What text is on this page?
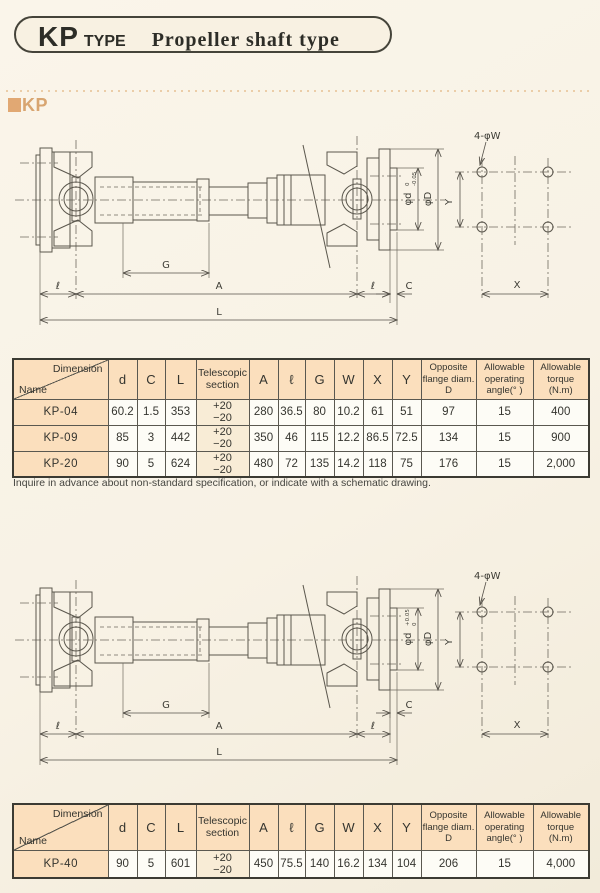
KP TYPE Propeller shaft type
KP
C
φd
0 -0.05
Dimension
Name	d	C	L	Telescopic section	A	ℓ	G	W	X	Y	Opposite flange diam. D	Allowable operating angle(° )	Allowable torque (N.m)
KP-04	60.2	1.5	353	+20
−20	280	36.5	80	10.2	61	51	97	15	400
KP-09	85	3	442	+20
−20	350	46	115	12.2	86.5	72.5	134	15	900
KP-20	90	5	624	+20
−20	480	72	135	14.2	118	75	176	15	2,000
Inquire in advance about non-standard specification, or indicate with a schematic drawing.
C
φd
+0.05 0
Dimension
Name	d	C	L	Telescopic section	A	ℓ	G	W	X	Y	Opposite flange diam. D	Allowable operating angle(° )	Allowable torque (N.m)
KP-40	90	5	601	+20
−20	450	75.5	140	16.2	134	104	206	15	4,000
